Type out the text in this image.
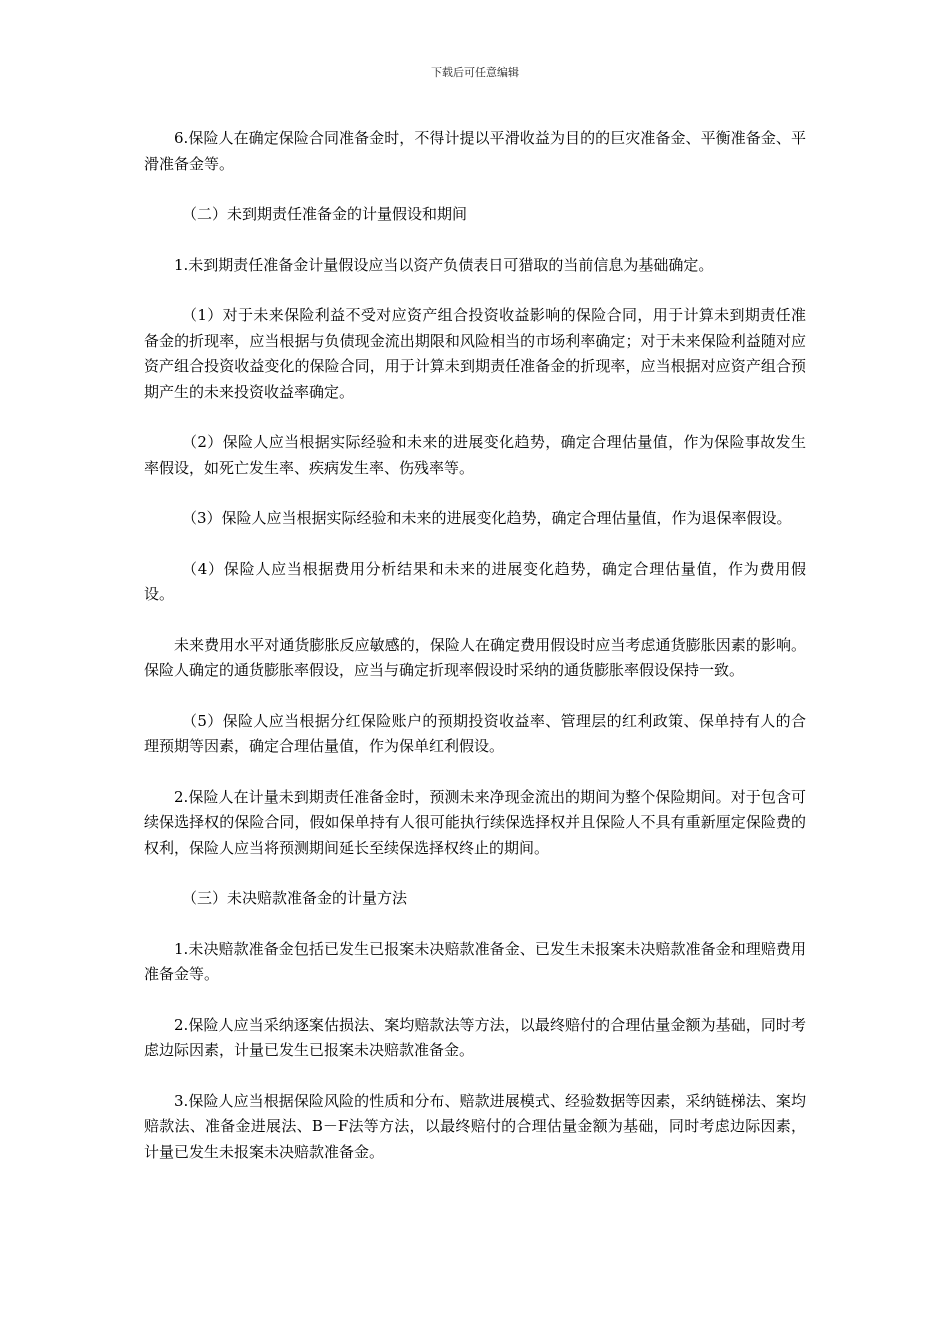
下载后可任意编辑

6.保险人在确定保险合同准备金时，不得计提以平滑收益为目的的巨灾准备金、平衡准备金、平滑准备金等。

（二）未到期责任准备金的计量假设和期间

1.未到期责任准备金计量假设应当以资产负债表日可猎取的当前信息为基础确定。

（1）对于未来保险利益不受对应资产组合投资收益影响的保险合同，用于计算未到期责任准备金的折现率，应当根据与负债现金流出期限和风险相当的市场利率确定；对于未来保险利益随对应资产组合投资收益变化的保险合同，用于计算未到期责任准备金的折现率，应当根据对应资产组合预期产生的未来投资收益率确定。

（2）保险人应当根据实际经验和未来的进展变化趋势，确定合理估量值，作为保险事故发生率假设，如死亡发生率、疾病发生率、伤残率等。

（3）保险人应当根据实际经验和未来的进展变化趋势，确定合理估量值，作为退保率假设。

（4）保险人应当根据费用分析结果和未来的进展变化趋势，确定合理估量值，作为费用假设。

未来费用水平对通货膨胀反应敏感的，保险人在确定费用假设时应当考虑通货膨胀因素的影响。保险人确定的通货膨胀率假设，应当与确定折现率假设时采纳的通货膨胀率假设保持一致。

（5）保险人应当根据分红保险账户的预期投资收益率、管理层的红利政策、保单持有人的合理预期等因素，确定合理估量值，作为保单红利假设。

2.保险人在计量未到期责任准备金时，预测未来净现金流出的期间为整个保险期间。对于包含可续保选择权的保险合同，假如保单持有人很可能执行续保选择权并且保险人不具有重新厘定保险费的权利，保险人应当将预测期间延长至续保选择权终止的期间。

（三）未决赔款准备金的计量方法

1.未决赔款准备金包括已发生已报案未决赔款准备金、已发生未报案未决赔款准备金和理赔费用准备金等。

2.保险人应当采纳逐案估损法、案均赔款法等方法，以最终赔付的合理估量金额为基础，同时考虑边际因素，计量已发生已报案未决赔款准备金。

3.保险人应当根据保险风险的性质和分布、赔款进展模式、经验数据等因素，采纳链梯法、案均赔款法、准备金进展法、B－F法等方法，以最终赔付的合理估量金额为基础，同时考虑边际因素，计量已发生未报案未决赔款准备金。
